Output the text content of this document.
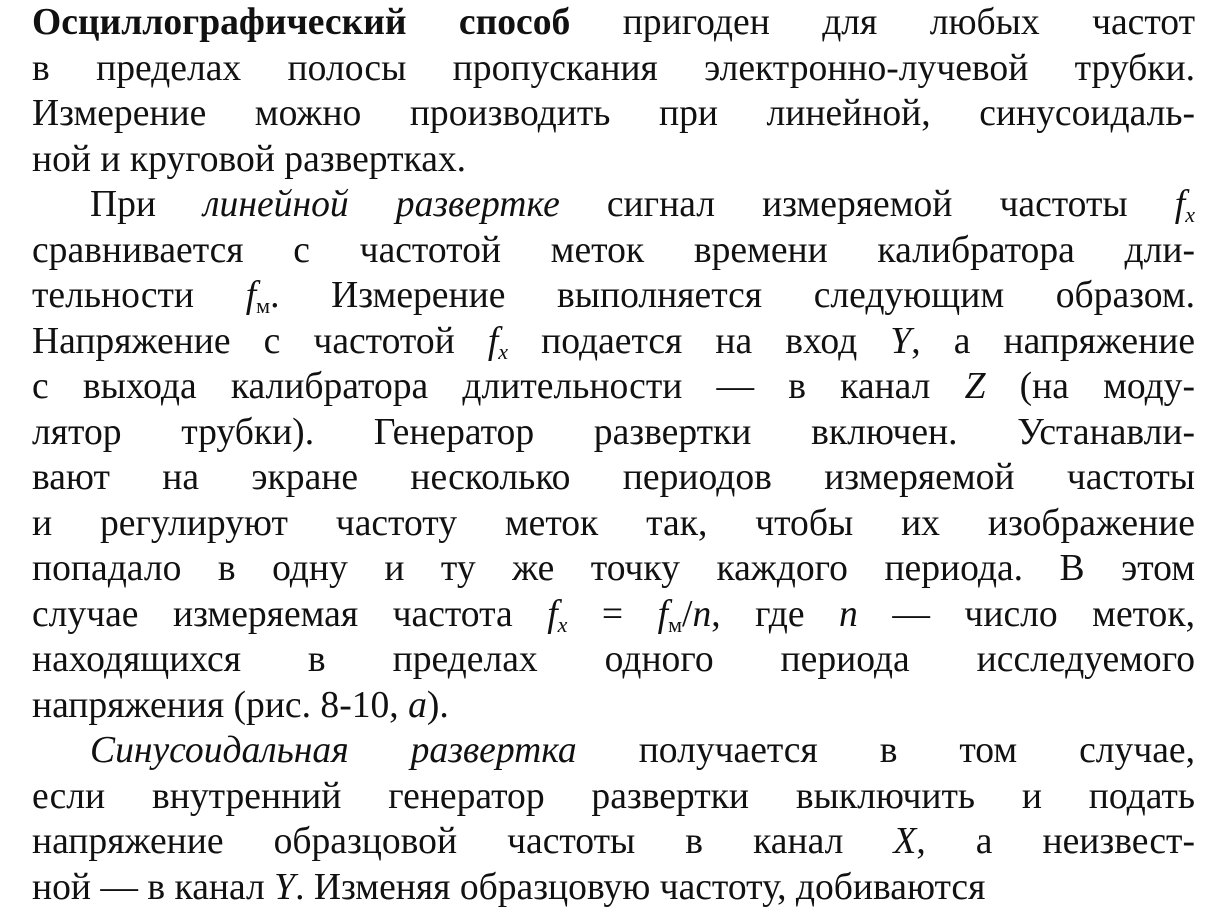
Осциллографический способ пригоден для любых частот
в пределах полосы пропускания электронно-лучевой трубки.
Измерение можно производить при линейной, синусоидаль-
ной и круговой развертках.
При линейной развертке сигнал измеряемой частоты $f_x$
сравнивается с частотой меток времени калибратора дли-
тельности $f_м$. Измерение выполняется следующим образом.
Напряжение с частотой $f_x$ подается на вход Y, а напряжение
с выхода калибратора длительности — в канал Z (на моду-
лятор трубки). Генератор развертки включен. Устанавли-
вают на экране несколько периодов измеряемой частоты
и регулируют частоту меток так, чтобы их изображение
попадало в одну и ту же точку каждого периода. В этом
случае измеряемая частота $f_x = f_м/n$, где n — число меток,
находящихся в пределах одного периода исследуемого
напряжения (рис. 8-10, а).
Синусоидальная развертка получается в том случае,
если внутренний генератор развертки выключить и подать
напряжение образцовой частоты в канал X, а неизвест-
ной — в канал Y. Изменяя образцовую частоту, добиваются
